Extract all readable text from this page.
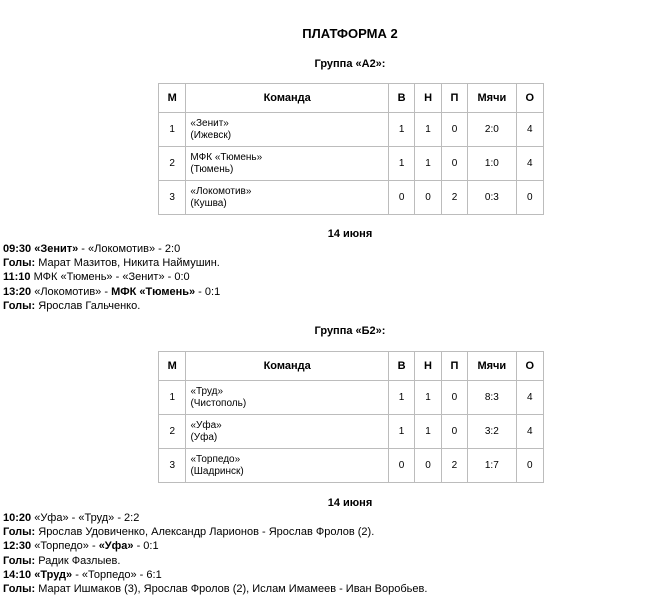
ПЛАТФОРМА 2
Группа «А2»:
М	Команда	В	Н	П	Мячи	О
1	«Зенит»
(Ижевск)	1	1	0	2:0	4
2	МФК «Тюмень»
(Тюмень)	1	1	0	1:0	4
3	«Локомотив»
(Кушва)	0	0	2	0:3	0
14 июня
09:30 «Зенит» - «Локомотив» - 2:0
Голы: Марат Мазитов, Никита Наймушин.
11:10 МФК «Тюмень» - «Зенит» - 0:0
13:20 «Локомотив» - МФК «Тюмень» - 0:1
Голы: Ярослав Гальченко.
Группа «Б2»:
М	Команда	В	Н	П	Мячи	О
1	«Труд»
(Чистополь)	1	1	0	8:3	4
2	«Уфа»
(Уфа)	1	1	0	3:2	4
3	«Торпедо»
(Шадринск)	0	0	2	1:7	0
14 июня
10:20 «Уфа» - «Труд» - 2:2
Голы: Ярослав Удовиченко, Александр Ларионов - Ярослав Фролов (2).
12:30 «Торпедо» - «Уфа» - 0:1
Голы: Радик Фазлыев.
14:10 «Труд» - «Торпедо» - 6:1
Голы: Марат Ишмаков (3), Ярослав Фролов (2), Ислам Имамеев - Иван Воробьев.
